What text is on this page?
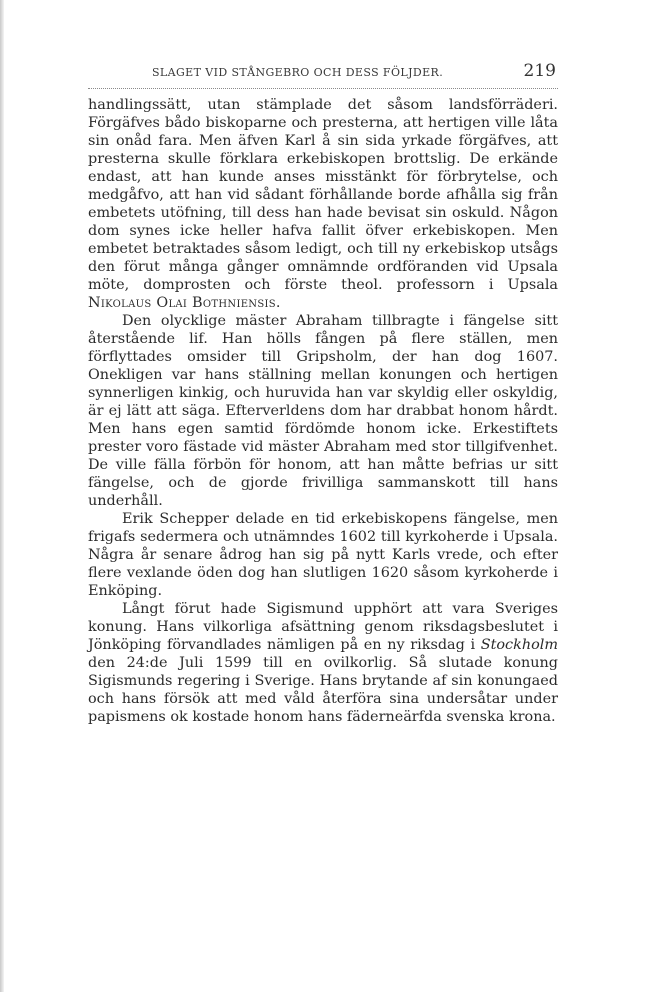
SLAGET VID STÅNGEBRO OCH DESS FÖLJDER.	219

handlingssätt, utan stämplade det såsom landsförräderi. Förgäfves bådo biskoparne och presterna, att hertigen ville låta sin onåd fara. Men äfven Karl å sin sida yrkade förgäfves, att presterna skulle förklara erkebiskopen brottslig. De erkände endast, att han kunde anses misstänkt för förbrytelse, och medgåfvo, att han vid sådant förhållande borde afhålla sig från embetets utöfning, till dess han hade bevisat sin oskuld. Någon dom synes icke heller hafva fallit öfver erkebiskopen. Men embetet betraktades såsom ledigt, och till ny erkebiskop utsågs den förut många gånger omnämnde ordföranden vid Upsala möte, domprosten och förste theol. professorn i Upsala Nikolaus Olai Bothniensis.

Den olycklige mäster Abraham tillbragte i fängelse sitt återstående lif. Han hölls fången på flere ställen, men förflyttades omsider till Gripsholm, der han dog 1607. Onekligen var hans ställning mellan konungen och hertigen synnerligen kinkig, och huruvida han var skyldig eller oskyldig, är ej lätt att säga. Efterverldens dom har drabbat honom hårdt. Men hans egen samtid fördömde honom icke. Erkestiftets prester voro fästade vid mäster Abraham med stor tillgifvenhet. De ville fälla förbön för honom, att han måtte befrias ur sitt fängelse, och de gjorde frivilliga sammanskott till hans underhåll.

Erik Schepper delade en tid erkebiskopens fängelse, men frigafs sedermera och utnämndes 1602 till kyrkoherde i Upsala. Några år senare ådrog han sig på nytt Karls vrede, och efter flere vexlande öden dog han slutligen 1620 såsom kyrkoherde i Enköping.

Långt förut hade Sigismund upphört att vara Sveriges konung. Hans vilkorliga afsättning genom riksdagsbeslutet i Jönköping förvandlades nämligen på en ny riksdag i Stockholm den 24:de Juli 1599 till en ovilkorlig. Så slutade konung Sigismunds regering i Sverige. Hans brytande af sin konungaed och hans försök att med våld återföra sina undersåtar under papismens ok kostade honom hans fäderneärfda svenska krona.
